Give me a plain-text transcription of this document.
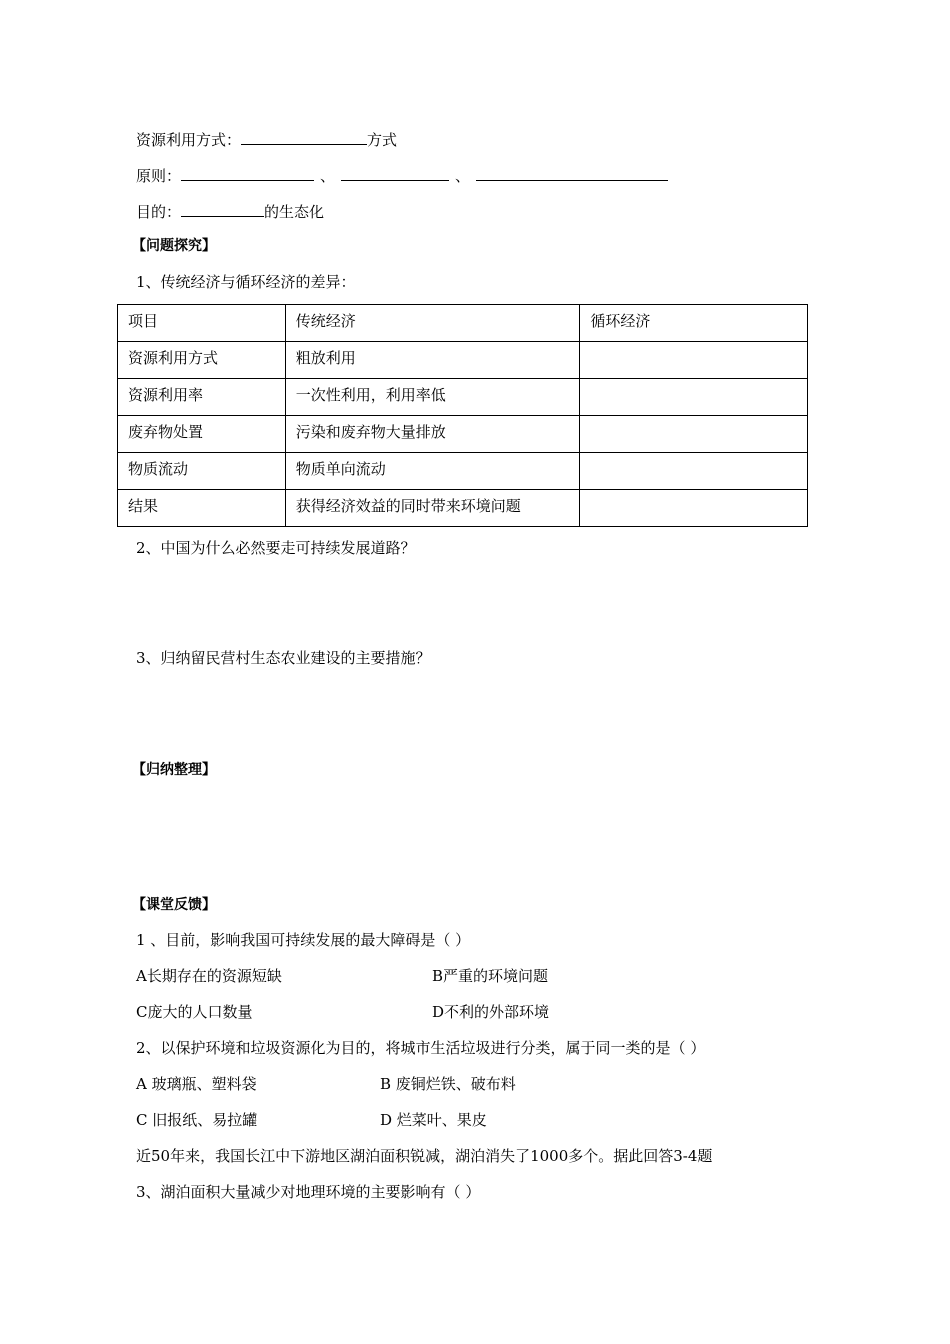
资源利用方式：	方式
原则：	、	、
目的：	的生态化
【问题探究】
1、传统经济与循环经济的差异：
项目	传统经济	循环经济
资源利用方式	粗放利用	
资源利用率	一次性利用，利用率低	
废弃物处置	污染和废弃物大量排放	
物质流动	物质单向流动	
结果	获得经济效益的同时带来环境问题	
2、中国为什么必然要走可持续发展道路？
3、归纳留民营村生态农业建设的主要措施？
【归纳整理】
【课堂反馈】
1 、目前，影响我国可持续发展的最大障碍是（ ）
A长期存在的资源短缺	B严重的环境问题
C庞大的人口数量	D不利的外部环境
2、以保护环境和垃圾资源化为目的，将城市生活垃圾进行分类，属于同一类的是（ ）
A 玻璃瓶、塑料袋	B 废铜烂铁、破布料
C 旧报纸、易拉罐	D 烂菜叶、果皮
近50年来，我国长江中下游地区湖泊面积锐减，湖泊消失了1000多个。据此回答3-4题
3、湖泊面积大量减少对地理环境的主要影响有（ ）
